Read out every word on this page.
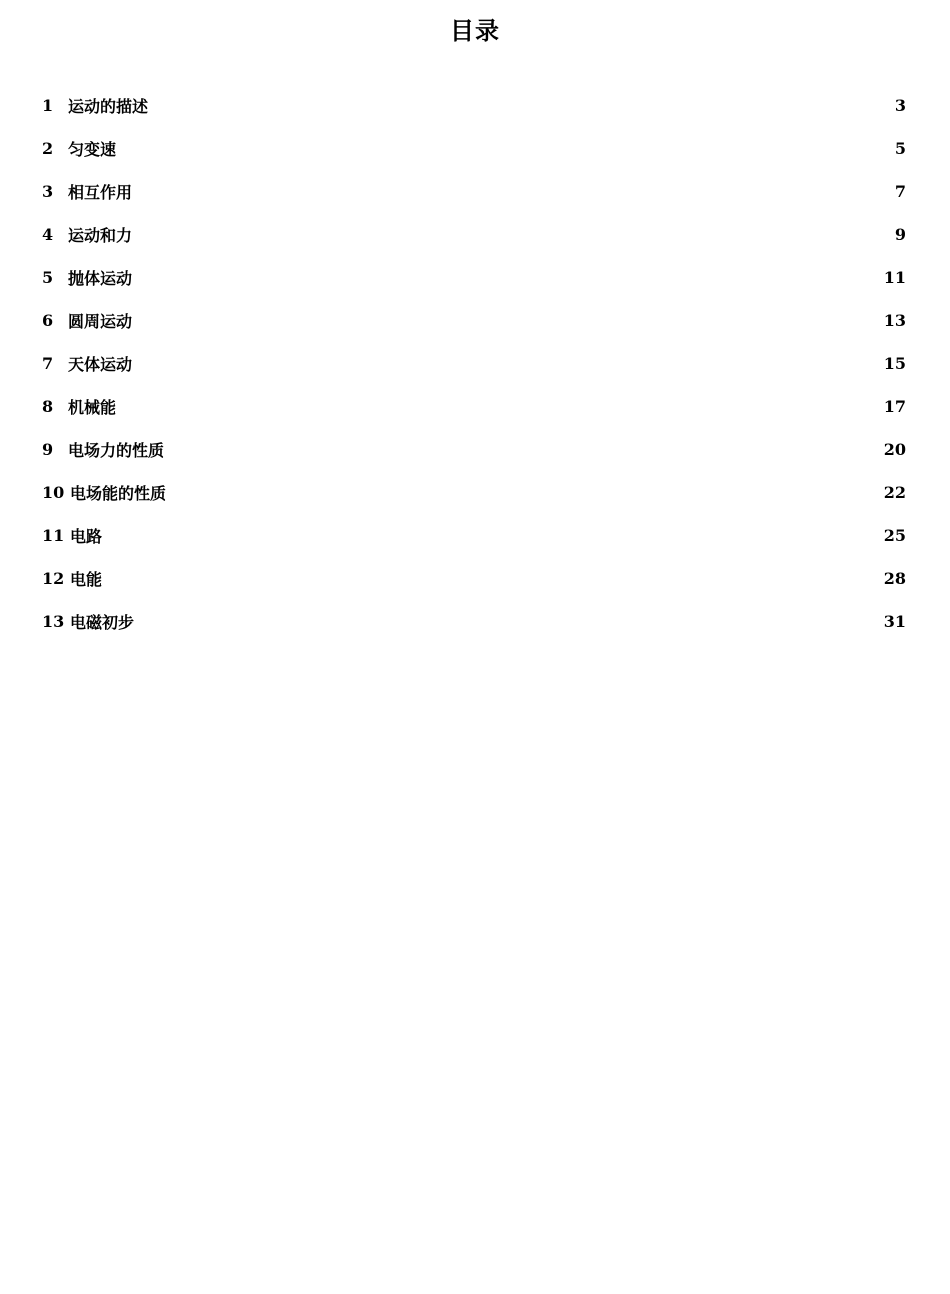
目录
1 运动的描述	3
2 匀变速	5
3 相互作用	7
4 运动和力	9
5 抛体运动	11
6 圆周运动	13
7 天体运动	15
8 机械能	17
9 电场力的性质	20
10 电场能的性质	22
11 电路	25
12 电能	28
13 电磁初步	31
